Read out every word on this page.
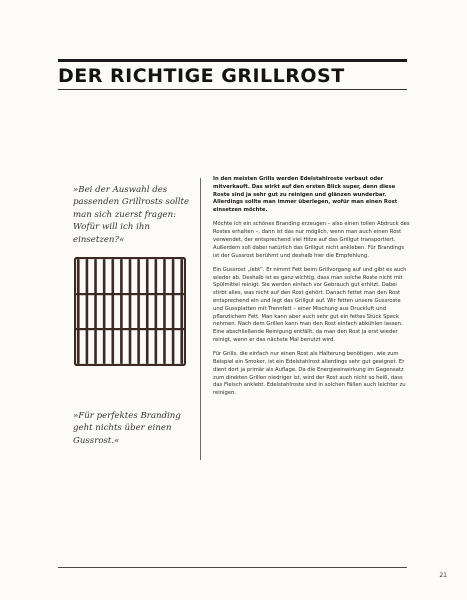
DER RICHTIGE GRILLROST

»Bei der Auswahl des passenden Grillrosts sollte man sich zuerst fragen: Wofür will ich ihn einsetzen?«

»Für perfektes Branding geht nichts über einen Gussrost.«

In den meisten Grills werden Edelstahlroste verbaut oder mitverkauft. Das wirkt auf den ersten Blick super, denn diese Roste sind ja sehr gut zu reinigen und glänzen wunderbar. Allerdings sollte man immer überlegen, wofür man einen Rost einsetzen möchte.

Möchte ich ein schönes Branding erzeugen – also einen tollen Abdruck des Rostes erhalten –, dann ist das nur möglich, wenn man auch einen Rost verwendet, der entsprechend viel Hitze auf das Grillgut transportiert. Außerdem soll dabei natürlich das Grillgut nicht ankleben. Für Brandings ist der Gussrost berühmt und deshalb hier die Empfehlung.

Ein Gussrost „lebt“. Er nimmt Fett beim Grillvorgang auf und gibt es auch wieder ab. Deshalb ist es ganz wichtig, dass man solche Roste nicht mit Spülmittel reinigt. Sie werden einfach vor Gebrauch gut erhitzt. Dabei stirbt alles, was nicht auf den Rost gehört. Danach fettet man den Rost entsprechend ein und legt das Grillgut auf. Wir fetten unsere Gussroste und Gussplatten mit Trennfett – einer Mischung aus Druckluft und pflanzlichem Fett. Man kann aber auch sehr gut ein fettes Stück Speck nehmen. Nach dem Grillen kann man den Rost einfach abkühlen lassen. Eine abschließende Reinigung entfällt, da man den Rost ja erst wieder reinigt, wenn er das nächste Mal benutzt wird.

Für Grills, die einfach nur einen Rost als Halterung benötigen, wie zum Beispiel ein Smoker, ist ein Edelstahlrost allerdings sehr gut geeignet. Er dient dort ja primär als Auflage. Da die Energieeinwirkung im Gegensatz zum direkten Grillen niedriger ist, wird der Rost auch nicht so heiß, dass das Fleisch anklebt. Edelstahlroste sind in solchen Fällen auch leichter zu reinigen.

21
